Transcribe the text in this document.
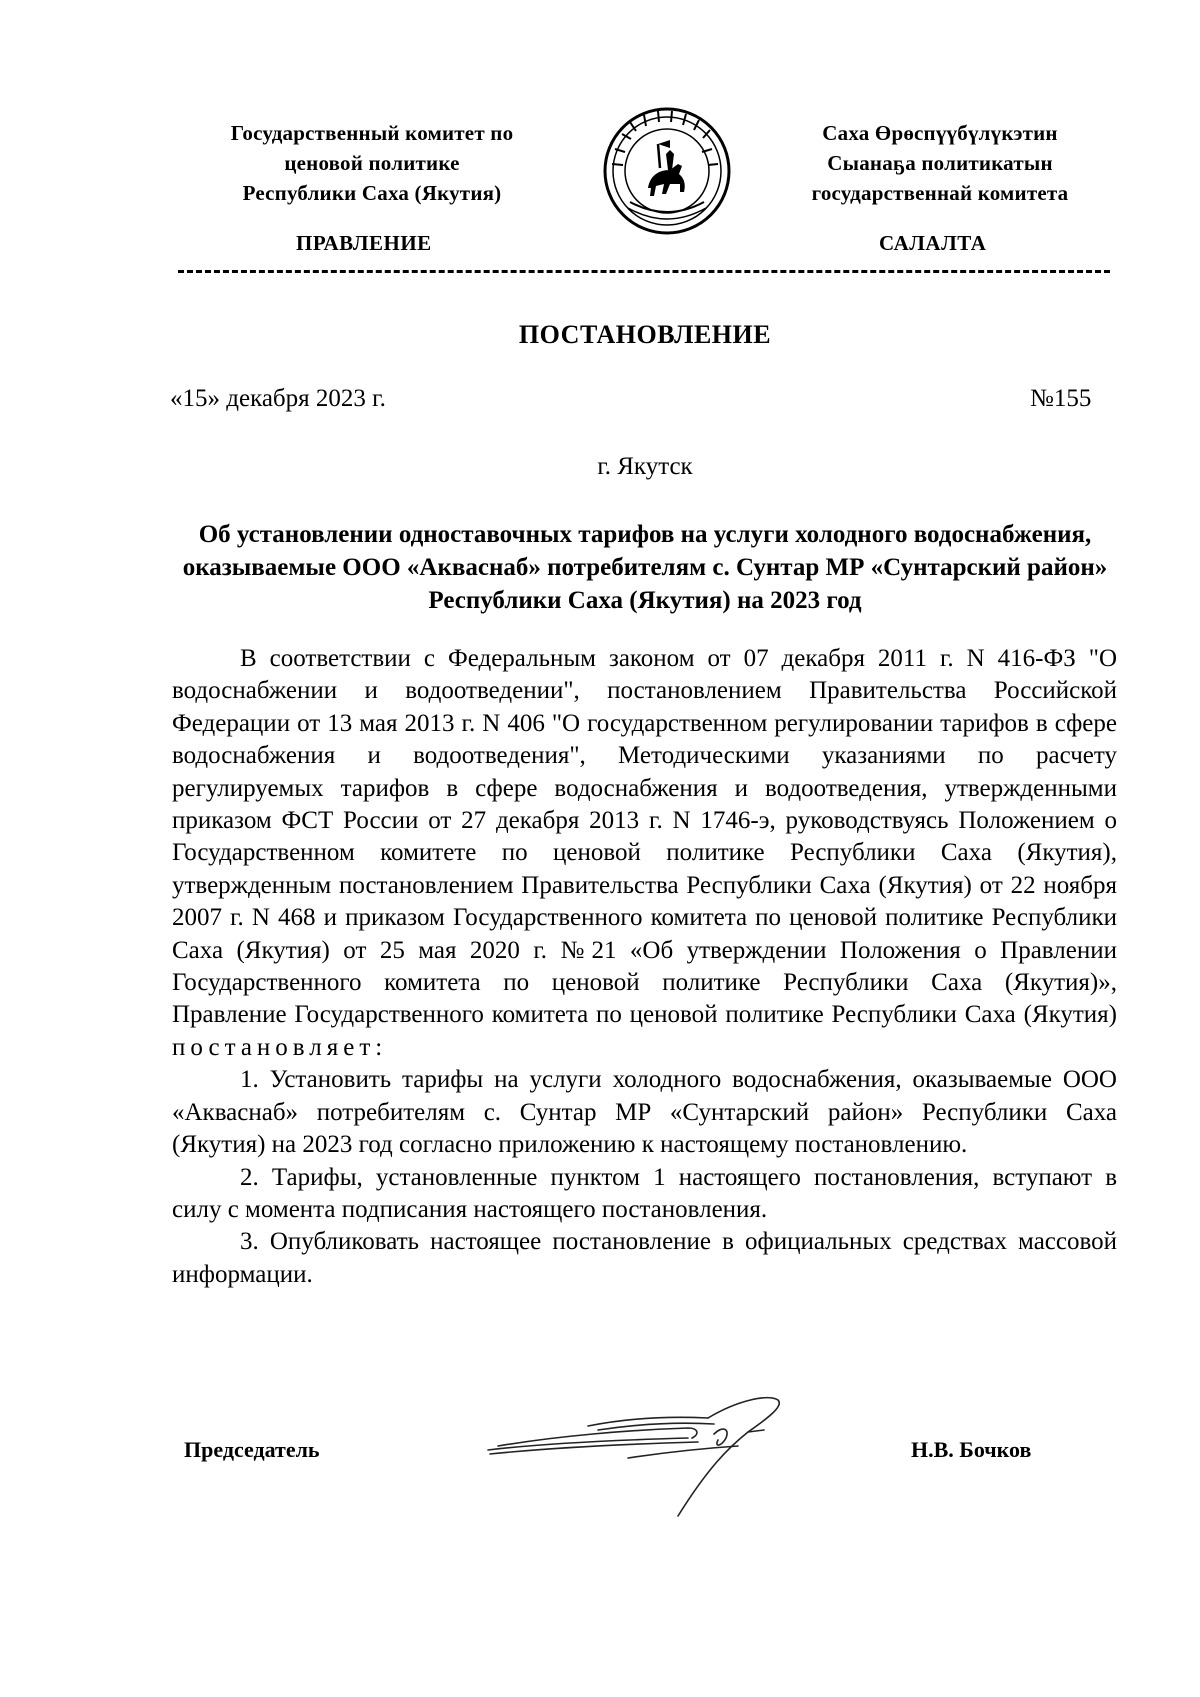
Государственный комитет по
ценовой политике
Республики Саха (Якутия)
Саха Өрөспүүбүлүкэтин
Сыанаҕа политикатын
государственнай комитета
ПРАВЛЕНИЕ	САЛАЛТА
ПОСТАНОВЛЕНИЕ
«15» декабря 2023 г.	№155
г. Якутск
Об установлении одноставочных тарифов на услуги холодного водоснабжения, оказываемые ООО «Акваснаб» потребителям с. Сунтар МР «Сунтарский район» Республики Саха (Якутия) на 2023 год

В соответствии с Федеральным законом от 07 декабря 2011 г. N 416-ФЗ "О водоснабжении и водоотведении", постановлением Правительства Российской Федерации от 13 мая 2013 г. N 406 "О государственном регулировании тарифов в сфере водоснабжения и водоотведения", Методическими указаниями по расчету регулируемых тарифов в сфере водоснабжения и водоотведения, утвержденными приказом ФСТ России от 27 декабря 2013 г. N 1746-э, руководствуясь Положением о Государственном комитете по ценовой политике Республики Саха (Якутия), утвержденным постановлением Правительства Республики Саха (Якутия) от 22 ноября 2007 г. N 468 и приказом Государственного комитета по ценовой политике Республики Саха (Якутия) от 25 мая 2020 г. №21 «Об утверждении Положения о Правлении Государственного комитета по ценовой политике Республики Саха (Якутия)», Правление Государственного комитета по ценовой политике Республики Саха (Якутия) постановляет:

1. Установить тарифы на услуги холодного водоснабжения, оказываемые ООО «Акваснаб» потребителям с. Сунтар МР «Сунтарский район» Республики Саха (Якутия) на 2023 год согласно приложению к настоящему постановлению.

2. Тарифы, установленные пунктом 1 настоящего постановления, вступают в силу с момента подписания настоящего постановления.

3. Опубликовать настоящее постановление в официальных средствах массовой информации.

Председатель	Н.В. Бочков
